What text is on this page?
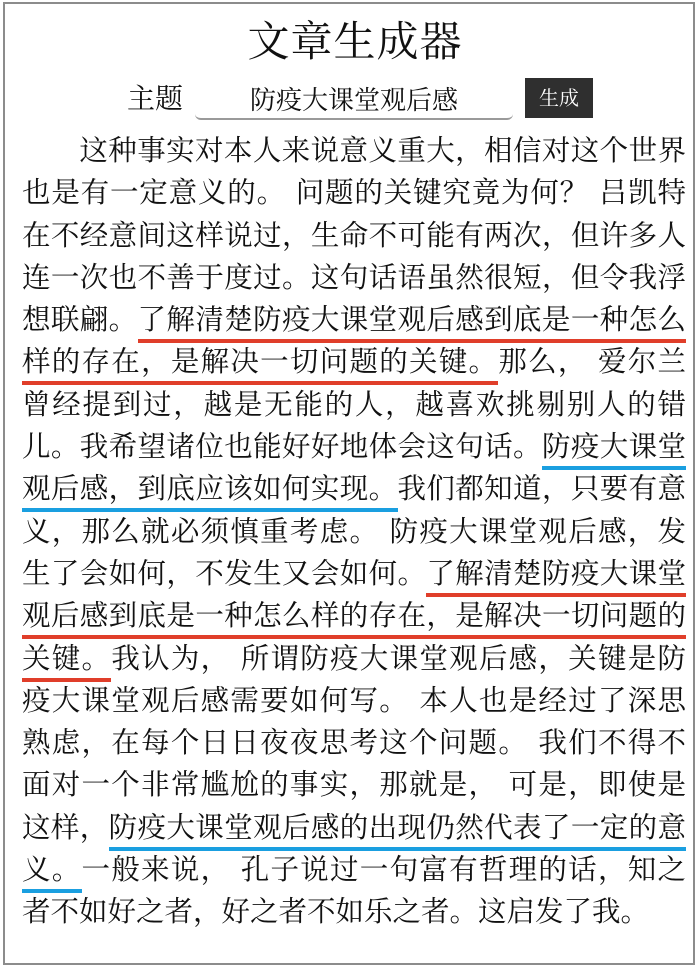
文章生成器
主题
防疫大课堂观后感	生成

这种事实对本人来说意义重大，相信对这个世界也是有一定意义的。 问题的关键究竟为何？ 吕凯特在不经意间这样说过，生命不可能有两次，但许多人连一次也不善于度过。这句话语虽然很短，但令我浮想联翩。了解清楚防疫大课堂观后感到底是一种怎么样的存在，是解决一切问题的关键。那么， 爱尔兰曾经提到过，越是无能的人，越喜欢挑剔别人的错儿。我希望诸位也能好好地体会这句话。防疫大课堂观后感，到底应该如何实现。我们都知道，只要有意义，那么就必须慎重考虑。 防疫大课堂观后感，发生了会如何，不发生又会如何。了解清楚防疫大课堂观后感到底是一种怎么样的存在，是解决一切问题的关键。我认为， 所谓防疫大课堂观后感，关键是防疫大课堂观后感需要如何写。 本人也是经过了深思熟虑，在每个日日夜夜思考这个问题。 我们不得不面对一个非常尴尬的事实，那就是， 可是，即使是这样，防疫大课堂观后感的出现仍然代表了一定的意义。一般来说， 孔子说过一句富有哲理的话，知之者不如好之者，好之者不如乐之者。这启发了我。
